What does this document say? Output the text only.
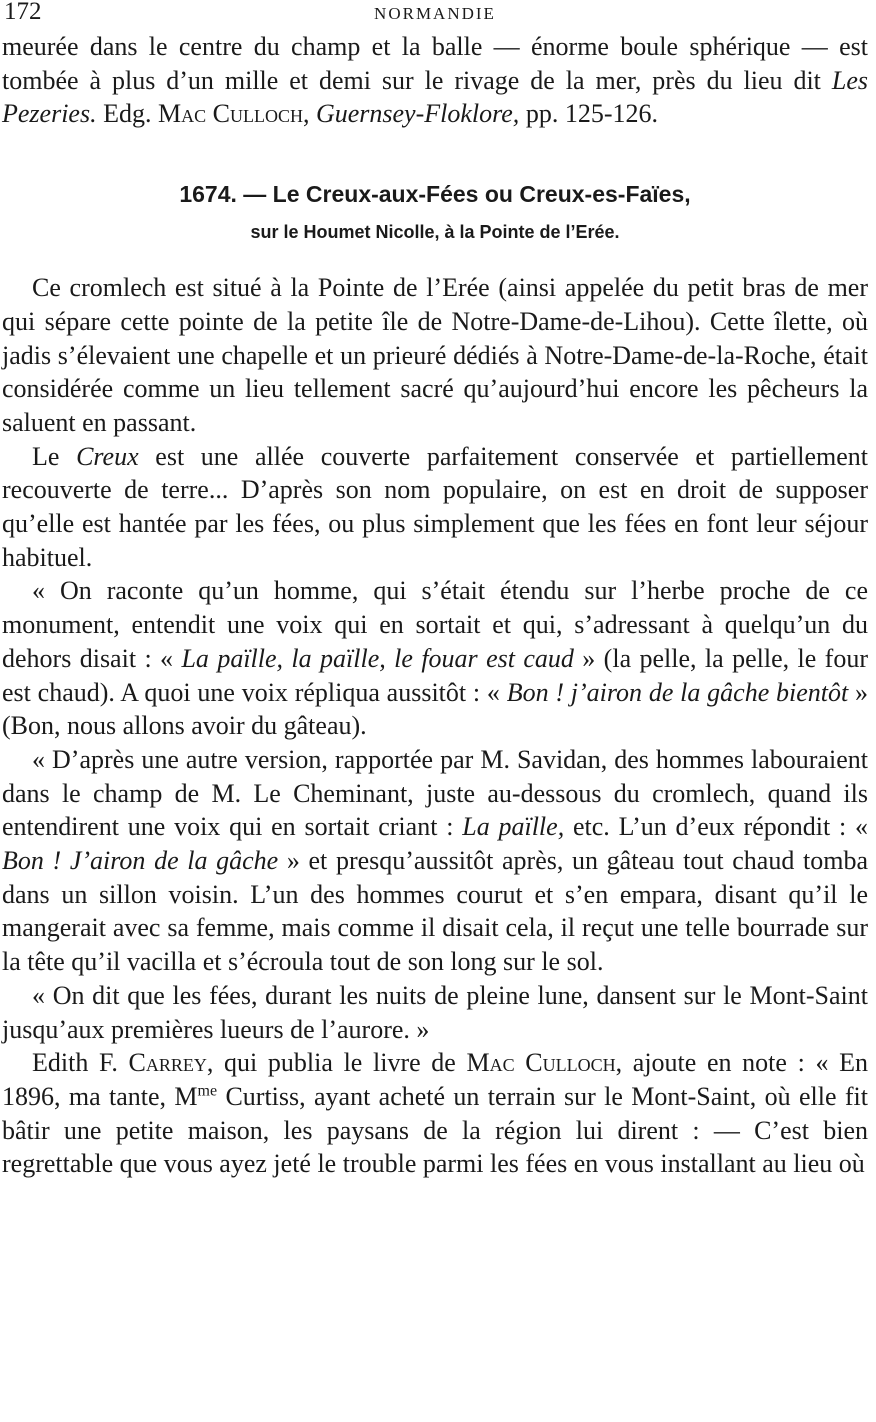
172	NORMANDIE

meurée dans le centre du champ et la balle — énorme boule sphérique — est tombée à plus d’un mille et demi sur le rivage de la mer, près du lieu dit Les Pezeries. Edg. Mac Culloch, Guernsey-Floklore, pp. 125-126.

1674. — Le Creux-aux-Fées ou Creux-es-Faïes,
sur le Houmet Nicolle, à la Pointe de l’Erée.

Ce cromlech est situé à la Pointe de l’Erée (ainsi appelée du petit bras de mer qui sépare cette pointe de la petite île de Notre-Dame-de-Lihou). Cette îlette, où jadis s’élevaient une chapelle et un prieuré dédiés à Notre-Dame-de-la-Roche, était considérée comme un lieu tellement sacré qu’aujourd’hui encore les pêcheurs la saluent en passant.

Le Creux est une allée couverte parfaitement conservée et partiellement recouverte de terre... D’après son nom populaire, on est en droit de supposer qu’elle est hantée par les fées, ou plus simplement que les fées en font leur séjour habituel.

« On raconte qu’un homme, qui s’était étendu sur l’herbe proche de ce monument, entendit une voix qui en sortait et qui, s’adressant à quelqu’un du dehors disait : « La païlle, la païlle, le fouar est caud » (la pelle, la pelle, le four est chaud). A quoi une voix répliqua aussitôt : « Bon ! j’airon de la gâche bientôt » (Bon, nous allons avoir du gâteau).

« D’après une autre version, rapportée par M. Savidan, des hommes labouraient dans le champ de M. Le Cheminant, juste au-dessous du cromlech, quand ils entendirent une voix qui en sortait criant : La païlle, etc. L’un d’eux répondit : « Bon ! J’airon de la gâche » et presqu’aussitôt après, un gâteau tout chaud tomba dans un sillon voisin. L’un des hommes courut et s’en empara, disant qu’il le mangerait avec sa femme, mais comme il disait cela, il reçut une telle bourrade sur la tête qu’il vacilla et s’écroula tout de son long sur le sol.

« On dit que les fées, durant les nuits de pleine lune, dansent sur le Mont-Saint jusqu’aux premières lueurs de l’aurore. »

Edith F. Carrey, qui publia le livre de Mac Culloch, ajoute en note : « En 1896, ma tante, $M^{me}$ Curtiss, ayant acheté un terrain sur le Mont-Saint, où elle fit bâtir une petite maison, les paysans de la région lui dirent : — C’est bien regrettable que vous ayez jeté le trouble parmi les fées en vous installant au lieu où
